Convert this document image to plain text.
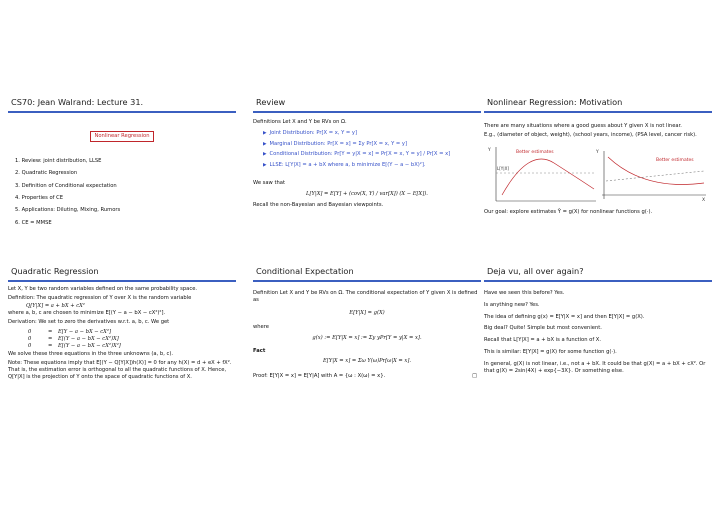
CS70: Jean Walrand: Lecture 31.
Nonlinear Regression
1. Review: joint distribution, LLSE
2. Quadratic Regression
3. Definition of Conditional expectation
4. Properties of CE
5. Applications: Diluting, Mixing, Rumors
6. CE = MMSE
Review
Definitions Let X and Y be RVs on Ω.
▶ Joint Distribution: Pr[X = x, Y = y]
▶ Marginal Distribution: Pr[X = x] = Σy Pr[X = x, Y = y]
▶ Conditional Distribution: Pr[Y = y|X = x] = Pr[X = x, Y = y] / Pr[X = x]
▶ LLSE: L[Y|X] = a + bX where a, b minimize E[(Y − a − bX)²].
We saw that
L[Y|X] = E[Y] + (cov(X, Y) / var[X]) (X − E[X]).
Recall the non-Bayesian and Bayesian viewpoints.
Nonlinear Regression: Motivation
There are many situations where a good guess about Y given X is not linear.
E.g., (diameter of object, weight), (school years, income), (PSA level, cancer risk).
Better estimates
Y
L[Y|X]
Better estimates
Y
X
Our goal: explore estimates Ŷ = g(X) for nonlinear functions g(·).
Quadratic Regression
Let X, Y be two random variables defined on the same probability space.
Definition: The quadratic regression of Y over X is the random variable
Q[Y|X] = a + bX + cX²
where a, b, c are chosen to minimize E[(Y − a − bX − cX²)²].
Derivation: We set to zero the derivatives w.r.t. a, b, c. We get
0	=	E[Y − a − bX − cX²]
0	=	E[(Y − a − bX − cX²)X]
0	=	E[(Y − a − bX − cX²)X²]
We solve these three equations in the three unknowns (a, b, c).
Note: These equations imply that E[(Y − Q[Y|X])h(X)] = 0 for any h(X) = d + eX + fX². That is, the estimation error is orthogonal to all the quadratic functions of X. Hence, Q[Y|X] is the projection of Y onto the space of quadratic functions of X.
Conditional Expectation
Definition Let X and Y be RVs on Ω. The conditional expectation of Y given X is defined as
E[Y|X] = g(X)
where
g(x) := E[Y|X = x] := Σy yPr[Y = y|X = x].
Fact
E[Y|X = x] = Σω Y(ω)Pr[ω|X = x].
Proof: E[Y|X = x] = E[Y|A] with A = {ω : X(ω) = x}.	□
Deja vu, all over again?
Have we seen this before? Yes.
Is anything new? Yes.
The idea of defining g(x) = E[Y|X = x] and then E[Y|X] = g(X).
Big deal? Quite! Simple but most convenient.
Recall that L[Y|X] = a + bX is a function of X.
This is similar: E[Y|X] = g(X) for some function g(·).
In general, g(X) is not linear, i.e., not a + bX. It could be that g(X) = a + bX + cX². Or that g(X) = 2sin(4X) + exp{−3X}. Or something else.
